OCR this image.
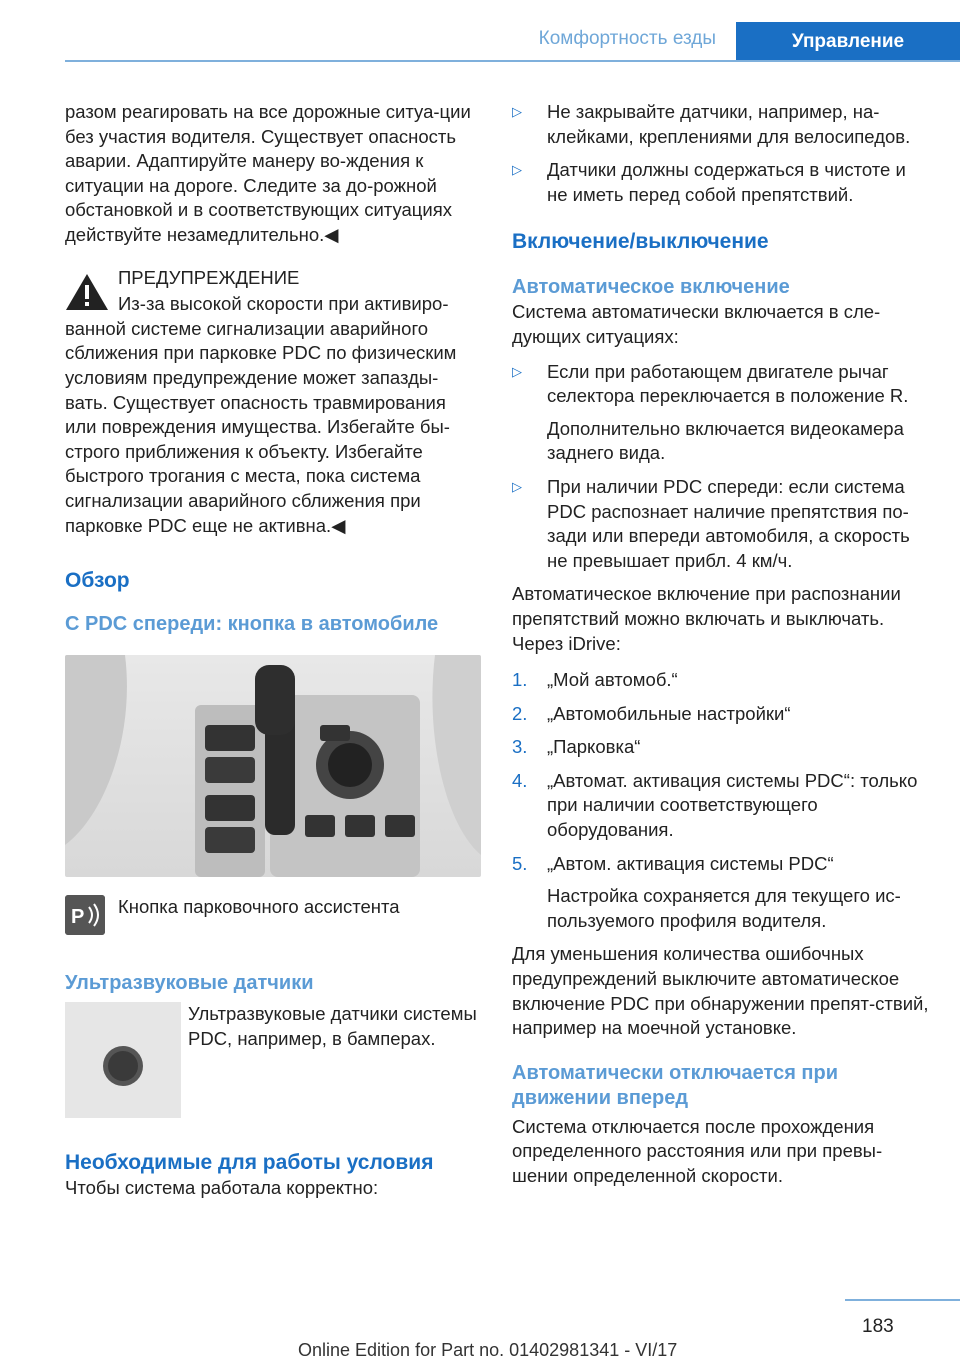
Комфортность езды	Управление

разом реагировать на все дорожные ситуа‐ции без участия водителя. Существует опасность аварии. Адаптируйте манеру во‐ждения к ситуации на дороге. Следите за до‐рожной обстановкой и в соответствующих ситуациях действуйте незамедлительно.◀

ПРЕДУПРЕЖДЕНИЕ

Из-за высокой скорости при активиро‐ванной системе сигнализации аварийного сближения при парковке PDC по физическим условиям предупреждение может запазды‐вать. Существует опасность травмирования или повреждения имущества. Избегайте бы‐строго приближения к объекту. Избегайте быстрого трогания с места, пока система сигнализации аварийного сближения при парковке PDC еще не активна.◀

Обзор
С PDC спереди: кнопка в автомобиле
P Кнопка парковочного ассистента

Ультразвуковые датчики

Ультразвуковые датчики системы PDC, например, в бамперах.

Необходимые для работы условия

Чтобы система работала корректно:

▷ Не закрывайте датчики, например, на‐клейками, креплениями для велосипедов.
▷ Датчики должны содержаться в чистоте и не иметь перед собой препятствий.
Включение/выключение
Автоматическое включение

Система автоматически включается в сле‐дующих ситуациях:

▷ Если при работающем двигателе рычаг селектора переключается в положение R.

Дополнительно включается видеокамера заднего вида.

▷ При наличии PDC спереди: если система PDC распознает наличие препятствия по‐зади или впереди автомобиля, а скорость не превышает прибл. 4 км/ч.

Автоматическое включение при распознании препятствий можно включать и выключать. Через iDrive:

1. „Мой автомоб.“
2. „Автомобильные настройки“
3. „Парковка“
4. „Автомат. активация системы PDC“: только при наличии соответствующего оборудования.
5. „Автом. активация системы PDC“

Настройка сохраняется для текущего ис‐пользуемого профиля водителя.

Для уменьшения количества ошибочных предупреждений выключите автоматическое включение PDC при обнаружении препят‐ствий, например на моечной установке.

Автоматически отключается при движении вперед

Система отключается после прохождения определенного расстояния или при превы‐шении определенной скорости.

183
Online Edition for Part no. 01402981341 - VI/17
